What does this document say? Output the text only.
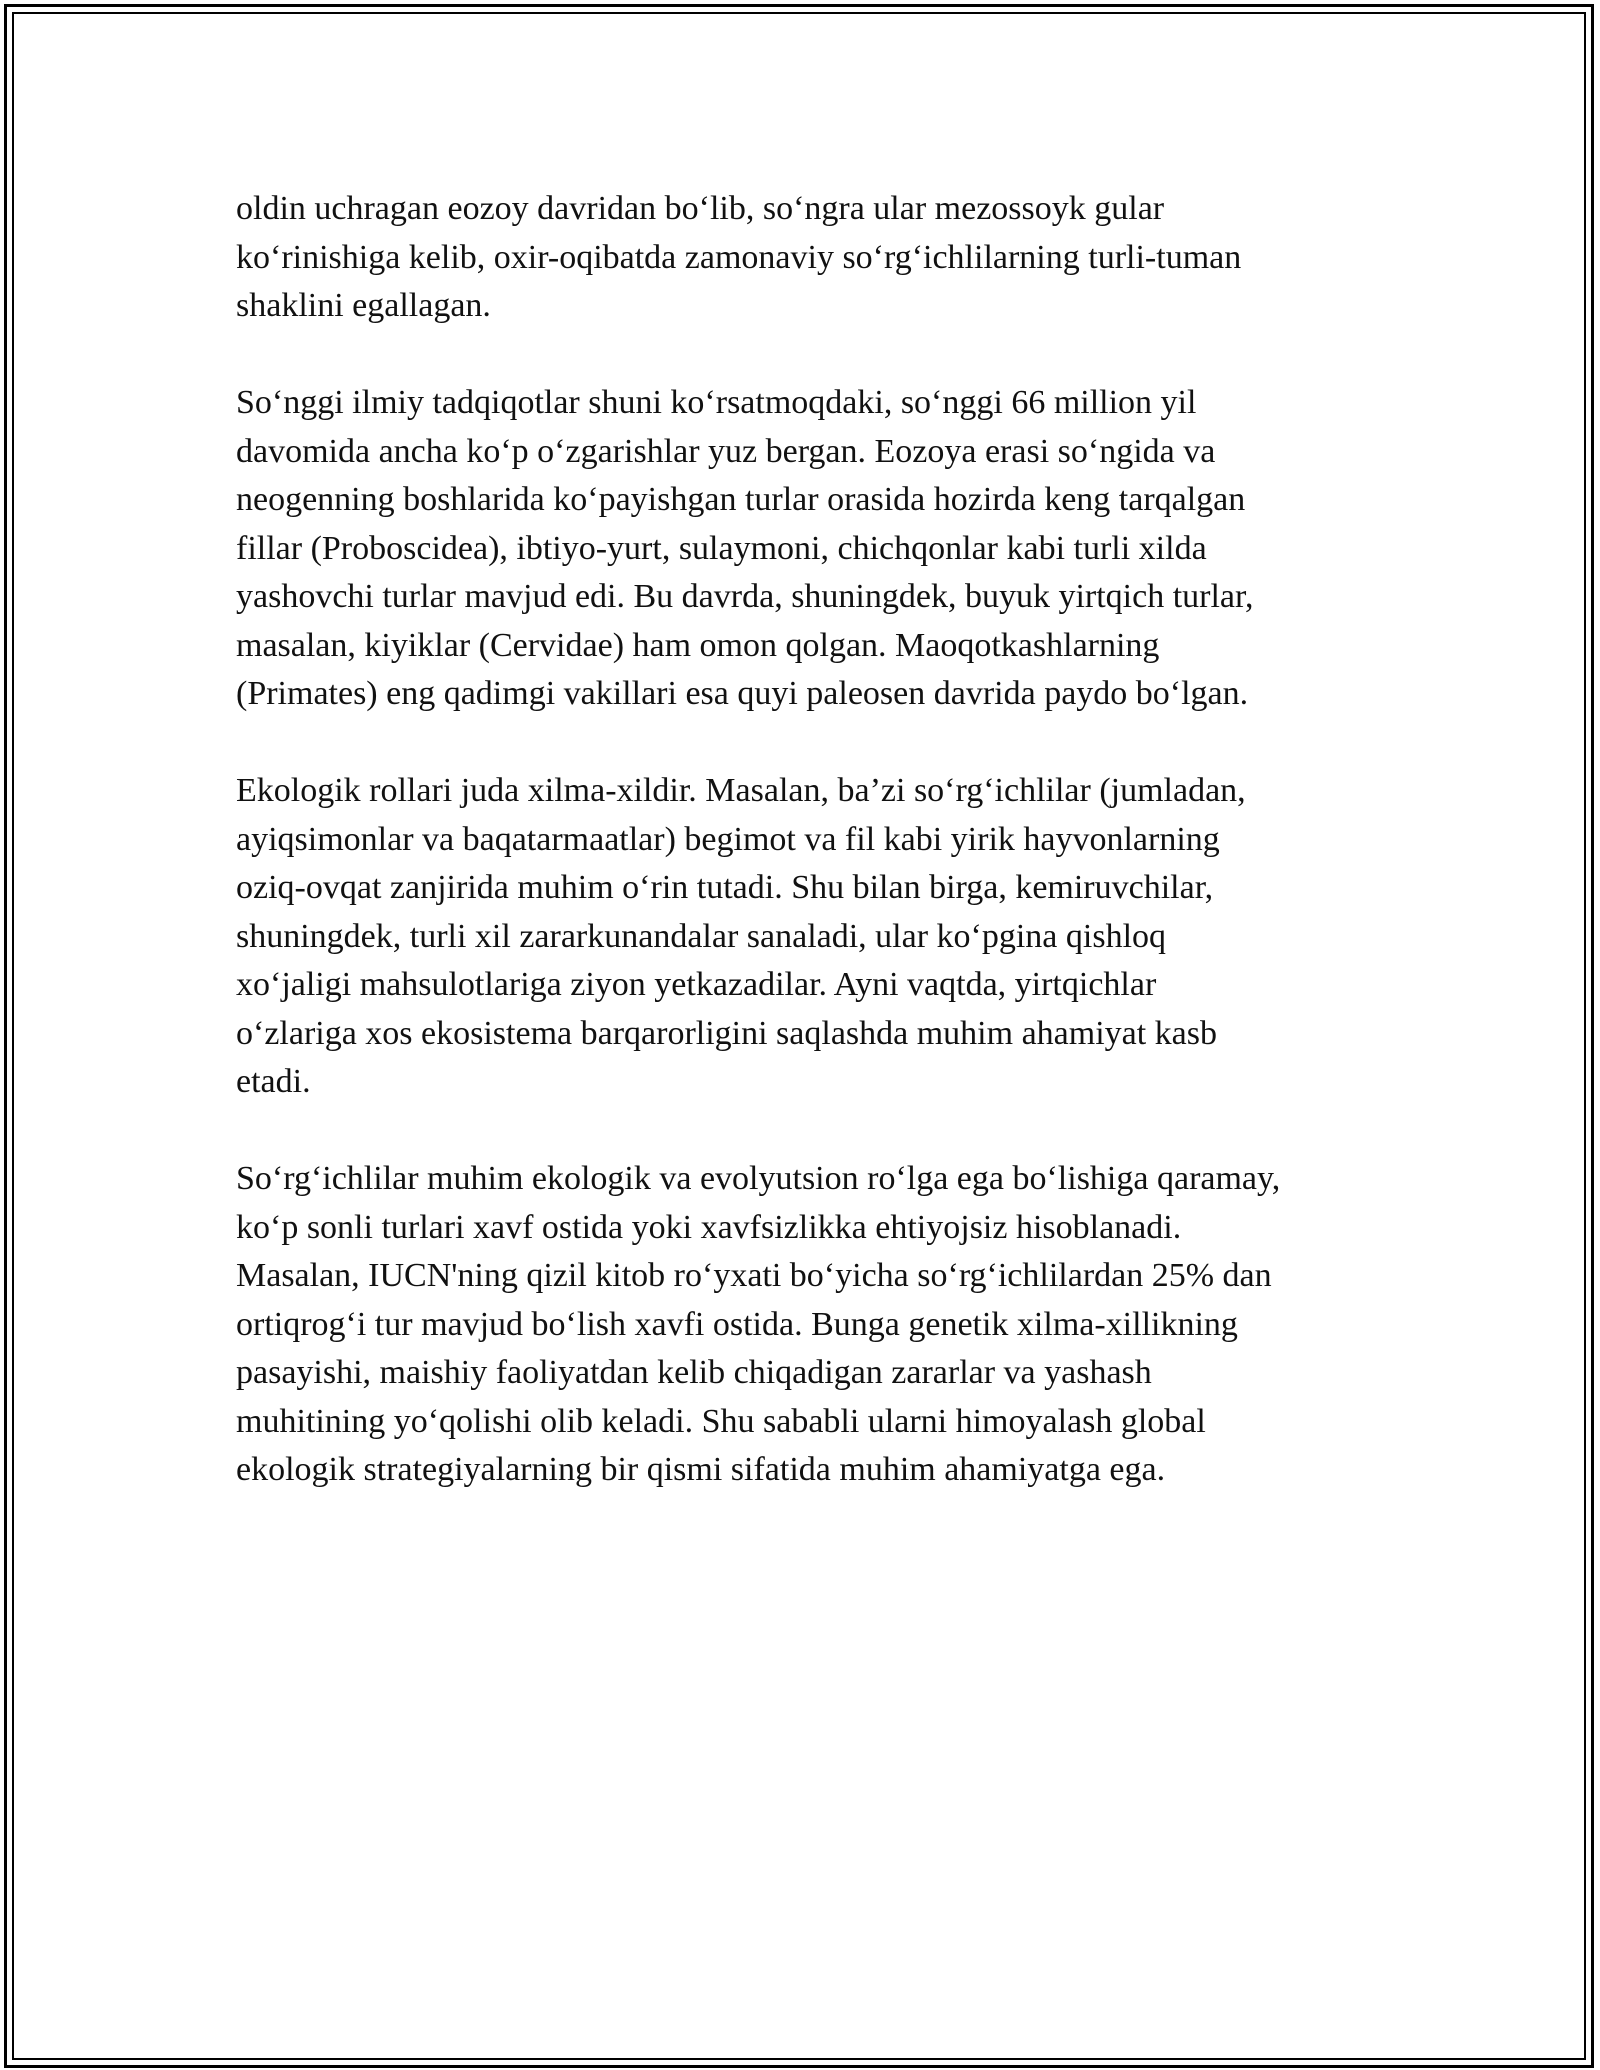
oldin uchragan eozoy davridan bo‘lib, so‘ngra ular mezossoyk gular
ko‘rinishiga kelib, oxir-oqibatda zamonaviy so‘rg‘ichlilarning turli-tuman
shaklini egallagan.

So‘nggi ilmiy tadqiqotlar shuni ko‘rsatmoqdaki, so‘nggi 66 million yil
davomida ancha ko‘p o‘zgarishlar yuz bergan. Eozoya erasi so‘ngida va
neogenning boshlarida ko‘payishgan turlar orasida hozirda keng tarqalgan
fillar (Proboscidea), ibtiyo-yurt, sulaymoni, chichqonlar kabi turli xilda
yashovchi turlar mavjud edi. Bu davrda, shuningdek, buyuk yirtqich turlar,
masalan, kiyiklar (Cervidae) ham omon qolgan. Maoqotkashlarning
(Primates) eng qadimgi vakillari esa quyi paleosen davrida paydo bo‘lgan.

Ekologik rollari juda xilma-xildir. Masalan, ba’zi so‘rg‘ichlilar (jumladan,
ayiqsimonlar va baqatarmaatlar) begimot va fil kabi yirik hayvonlarning
oziq-ovqat zanjirida muhim o‘rin tutadi. Shu bilan birga, kemiruvchilar,
shuningdek, turli xil zararkunandalar sanaladi, ular ko‘pgina qishloq
xo‘jaligi mahsulotlariga ziyon yetkazadilar. Ayni vaqtda, yirtqichlar
o‘zlariga xos ekosistema barqarorligini saqlashda muhim ahamiyat kasb
etadi.

So‘rg‘ichlilar muhim ekologik va evolyutsion ro‘lga ega bo‘lishiga qaramay,
ko‘p sonli turlari xavf ostida yoki xavfsizlikka ehtiyojsiz hisoblanadi.
Masalan, IUCN'ning qizil kitob ro‘yxati bo‘yicha so‘rg‘ichlilardan 25% dan
ortiqrog‘i tur mavjud bo‘lish xavfi ostida. Bunga genetik xilma-xillikning
pasayishi, maishiy faoliyatdan kelib chiqadigan zararlar va yashash
muhitining yo‘qolishi olib keladi. Shu sababli ularni himoyalash global
ekologik strategiyalarning bir qismi sifatida muhim ahamiyatga ega.
